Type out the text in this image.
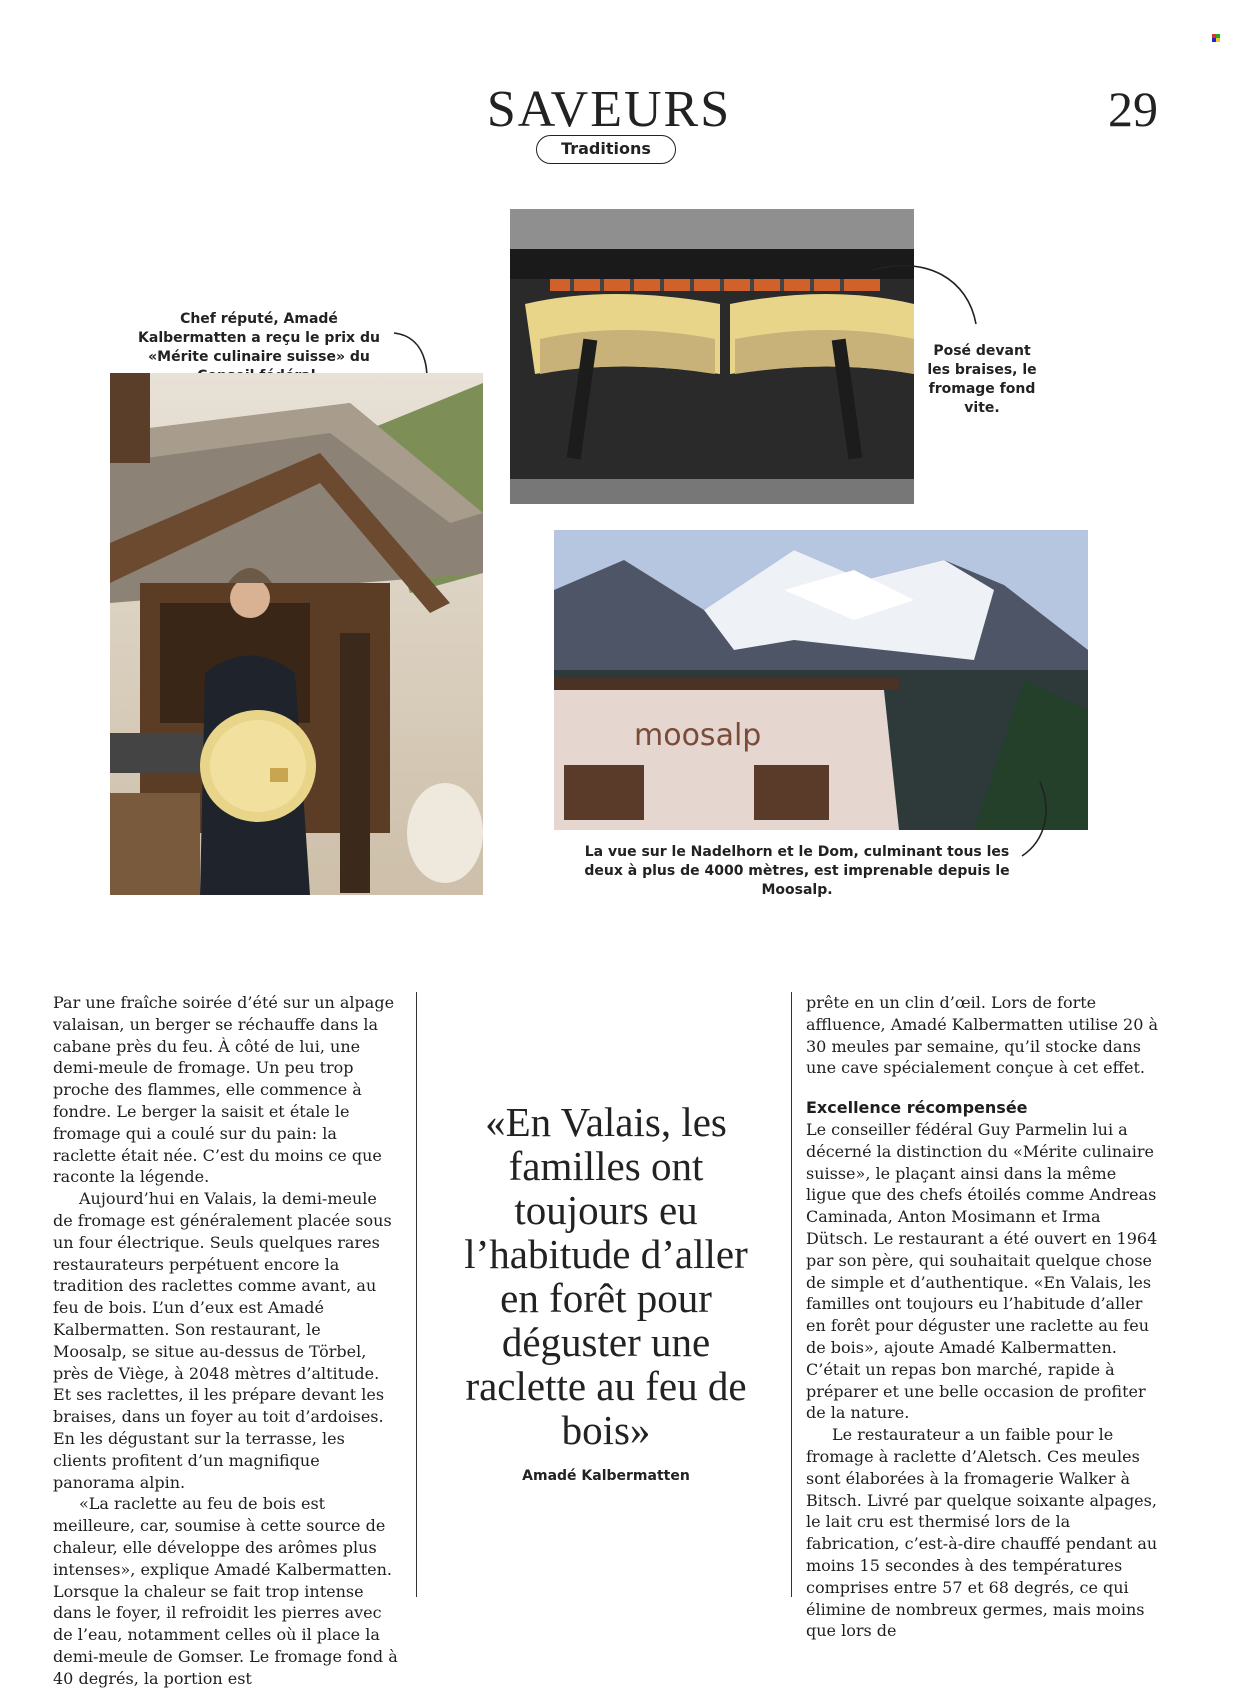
SAVEURS	29
Traditions
Chef réputé, Amadé Kalbermatten a reçu le prix du «Mérite culinaire suisse» du	Posé devant les braises, le fromage fond vite.
moosalp
La vue sur le Nadelhorn et le Dom, culminant tous les deux à plus de 4000 mètres, est imprenable depuis le Moosalp.

Par une fraîche soirée d’été sur un alpage valaisan, un berger se réchauffe dans la cabane près du feu. À côté de lui, une demi-meule de fromage. Un peu trop proche des flammes, elle commence à fondre. Le berger la saisit et étale le fromage qui a coulé sur du pain: la raclette était née. C’est du moins ce que raconte la légende.

Aujourd’hui en Valais, la demi-meule de fromage est généralement placée sous un four électrique. Seuls quelques rares restaurateurs perpétuent encore la tradition des raclettes comme avant, au feu de bois. L’un d’eux est Amadé Kalbermatten. Son restaurant, le Moosalp, se situe au-dessus de Törbel, près de Viège, à 2048 mètres d’altitude. Et ses raclettes, il les prépare devant les braises, dans un foyer au toit d’ardoises. En les dégustant sur la terrasse, les clients profitent d’un magnifique panorama alpin.

«La raclette au feu de bois est meilleure, car, soumise à cette source de chaleur, elle développe des arômes plus intenses», explique Amadé Kalbermatten. Lorsque la chaleur se fait trop intense dans le foyer, il refroidit les pierres avec de l’eau, notamment celles où il place la demi-meule de Gomser. Le fromage fond à 40 degrés, la portion est

«En Valais, les familles ont toujours eu l’habitude d’aller en forêt pour déguster une raclette au feu de bois»
Amadé Kalbermatten

prête en un clin d’œil. Lors de forte affluence, Amadé Kalbermatten utilise 20 à 30 meules par semaine, qu’il stocke dans une cave spécialement conçue à cet effet.

Excellence récompensée

Le conseiller fédéral Guy Parmelin lui a décerné la distinction du «Mérite culinaire suisse», le plaçant ainsi dans la même ligue que des chefs étoilés comme Andreas Caminada, Anton Mosimann et Irma Dütsch. Le restaurant a été ouvert en 1964 par son père, qui souhaitait quelque chose de simple et d’authentique. «En Valais, les familles ont toujours eu l’habitude d’aller en forêt pour déguster une raclette au feu de bois», ajoute Amadé Kalbermatten. C’était un repas bon marché, rapide à préparer et une belle occasion de profiter de la nature.

Le restaurateur a un faible pour le fromage à raclette d’Aletsch. Ces meules sont élaborées à la fromagerie Walker à Bitsch. Livré par quelque soixante alpages, le lait cru est thermisé lors de la fabrication, c’est-à-dire chauffé pendant au moins 15 secondes à des températures comprises entre 57 et 68 degrés, ce qui élimine de nombreux germes, mais moins que lors de
